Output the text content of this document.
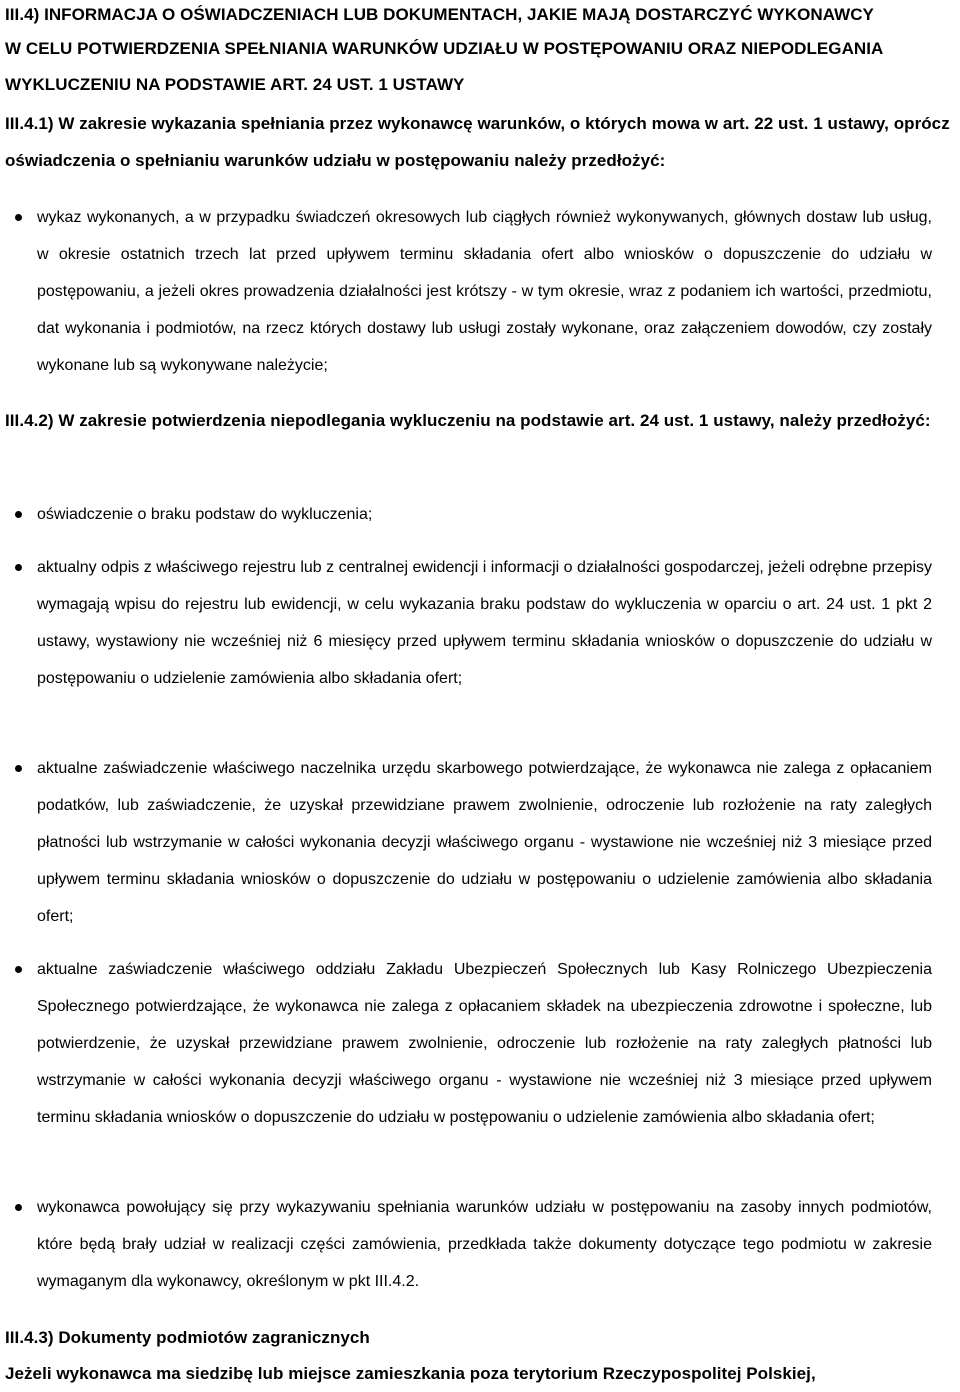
III.4) INFORMACJA O OŚWIADCZENIACH LUB DOKUMENTACH, JAKIE MAJĄ DOSTARCZYĆ WYKONAWCY
W CELU POTWIERDZENIA SPEŁNIANIA WARUNKÓW UDZIAŁU W POSTĘPOWANIU ORAZ NIEPODLEGANIA
WYKLUCZENIU NA PODSTAWIE ART. 24 UST. 1 USTAWY
III.4.1) W zakresie wykazania spełniania przez wykonawcę warunków, o których mowa w art. 22 ust. 1 ustawy, oprócz oświadczenia o spełnianiu warunków udziału w postępowaniu należy przedłożyć:
wykaz wykonanych, a w przypadku świadczeń okresowych lub ciągłych również wykonywanych, głównych dostaw lub usług, w okresie ostatnich trzech lat przed upływem terminu składania ofert albo wniosków o dopuszczenie do udziału w postępowaniu, a jeżeli okres prowadzenia działalności jest krótszy - w tym okresie, wraz z podaniem ich wartości, przedmiotu, dat wykonania i podmiotów, na rzecz których dostawy lub usługi zostały wykonane, oraz załączeniem dowodów, czy zostały wykonane lub są wykonywane należycie;
III.4.2) W zakresie potwierdzenia niepodlegania wykluczeniu na podstawie art. 24 ust. 1 ustawy, należy przedłożyć:
oświadczenie o braku podstaw do wykluczenia;
aktualny odpis z właściwego rejestru lub z centralnej ewidencji i informacji o działalności gospodarczej, jeżeli odrębne przepisy wymagają wpisu do rejestru lub ewidencji, w celu wykazania braku podstaw do wykluczenia w oparciu o art. 24 ust. 1 pkt 2 ustawy, wystawiony nie wcześniej niż 6 miesięcy przed upływem terminu składania wniosków o dopuszczenie do udziału w postępowaniu o udzielenie zamówienia albo składania ofert;
aktualne zaświadczenie właściwego naczelnika urzędu skarbowego potwierdzające, że wykonawca nie zalega z opłacaniem podatków, lub zaświadczenie, że uzyskał przewidziane prawem zwolnienie, odroczenie lub rozłożenie na raty zaległych płatności lub wstrzymanie w całości wykonania decyzji właściwego organu - wystawione nie wcześniej niż 3 miesiące przed upływem terminu składania wniosków o dopuszczenie do udziału w postępowaniu o udzielenie zamówienia albo składania ofert;
aktualne zaświadczenie właściwego oddziału Zakładu Ubezpieczeń Społecznych lub Kasy Rolniczego Ubezpieczenia Społecznego potwierdzające, że wykonawca nie zalega z opłacaniem składek na ubezpieczenia zdrowotne i społeczne, lub potwierdzenie, że uzyskał przewidziane prawem zwolnienie, odroczenie lub rozłożenie na raty zaległych płatności lub wstrzymanie w całości wykonania decyzji właściwego organu - wystawione nie wcześniej niż 3 miesiące przed upływem terminu składania wniosków o dopuszczenie do udziału w postępowaniu o udzielenie zamówienia albo składania ofert;
wykonawca powołujący się przy wykazywaniu spełniania warunków udziału w postępowaniu na zasoby innych podmiotów, które będą brały udział w realizacji części zamówienia, przedkłada także dokumenty dotyczące tego podmiotu w zakresie wymaganym dla wykonawcy, określonym w pkt III.4.2.
III.4.3) Dokumenty podmiotów zagranicznych
Jeżeli wykonawca ma siedzibę lub miejsce zamieszkania poza terytorium Rzeczypospolitej Polskiej,
